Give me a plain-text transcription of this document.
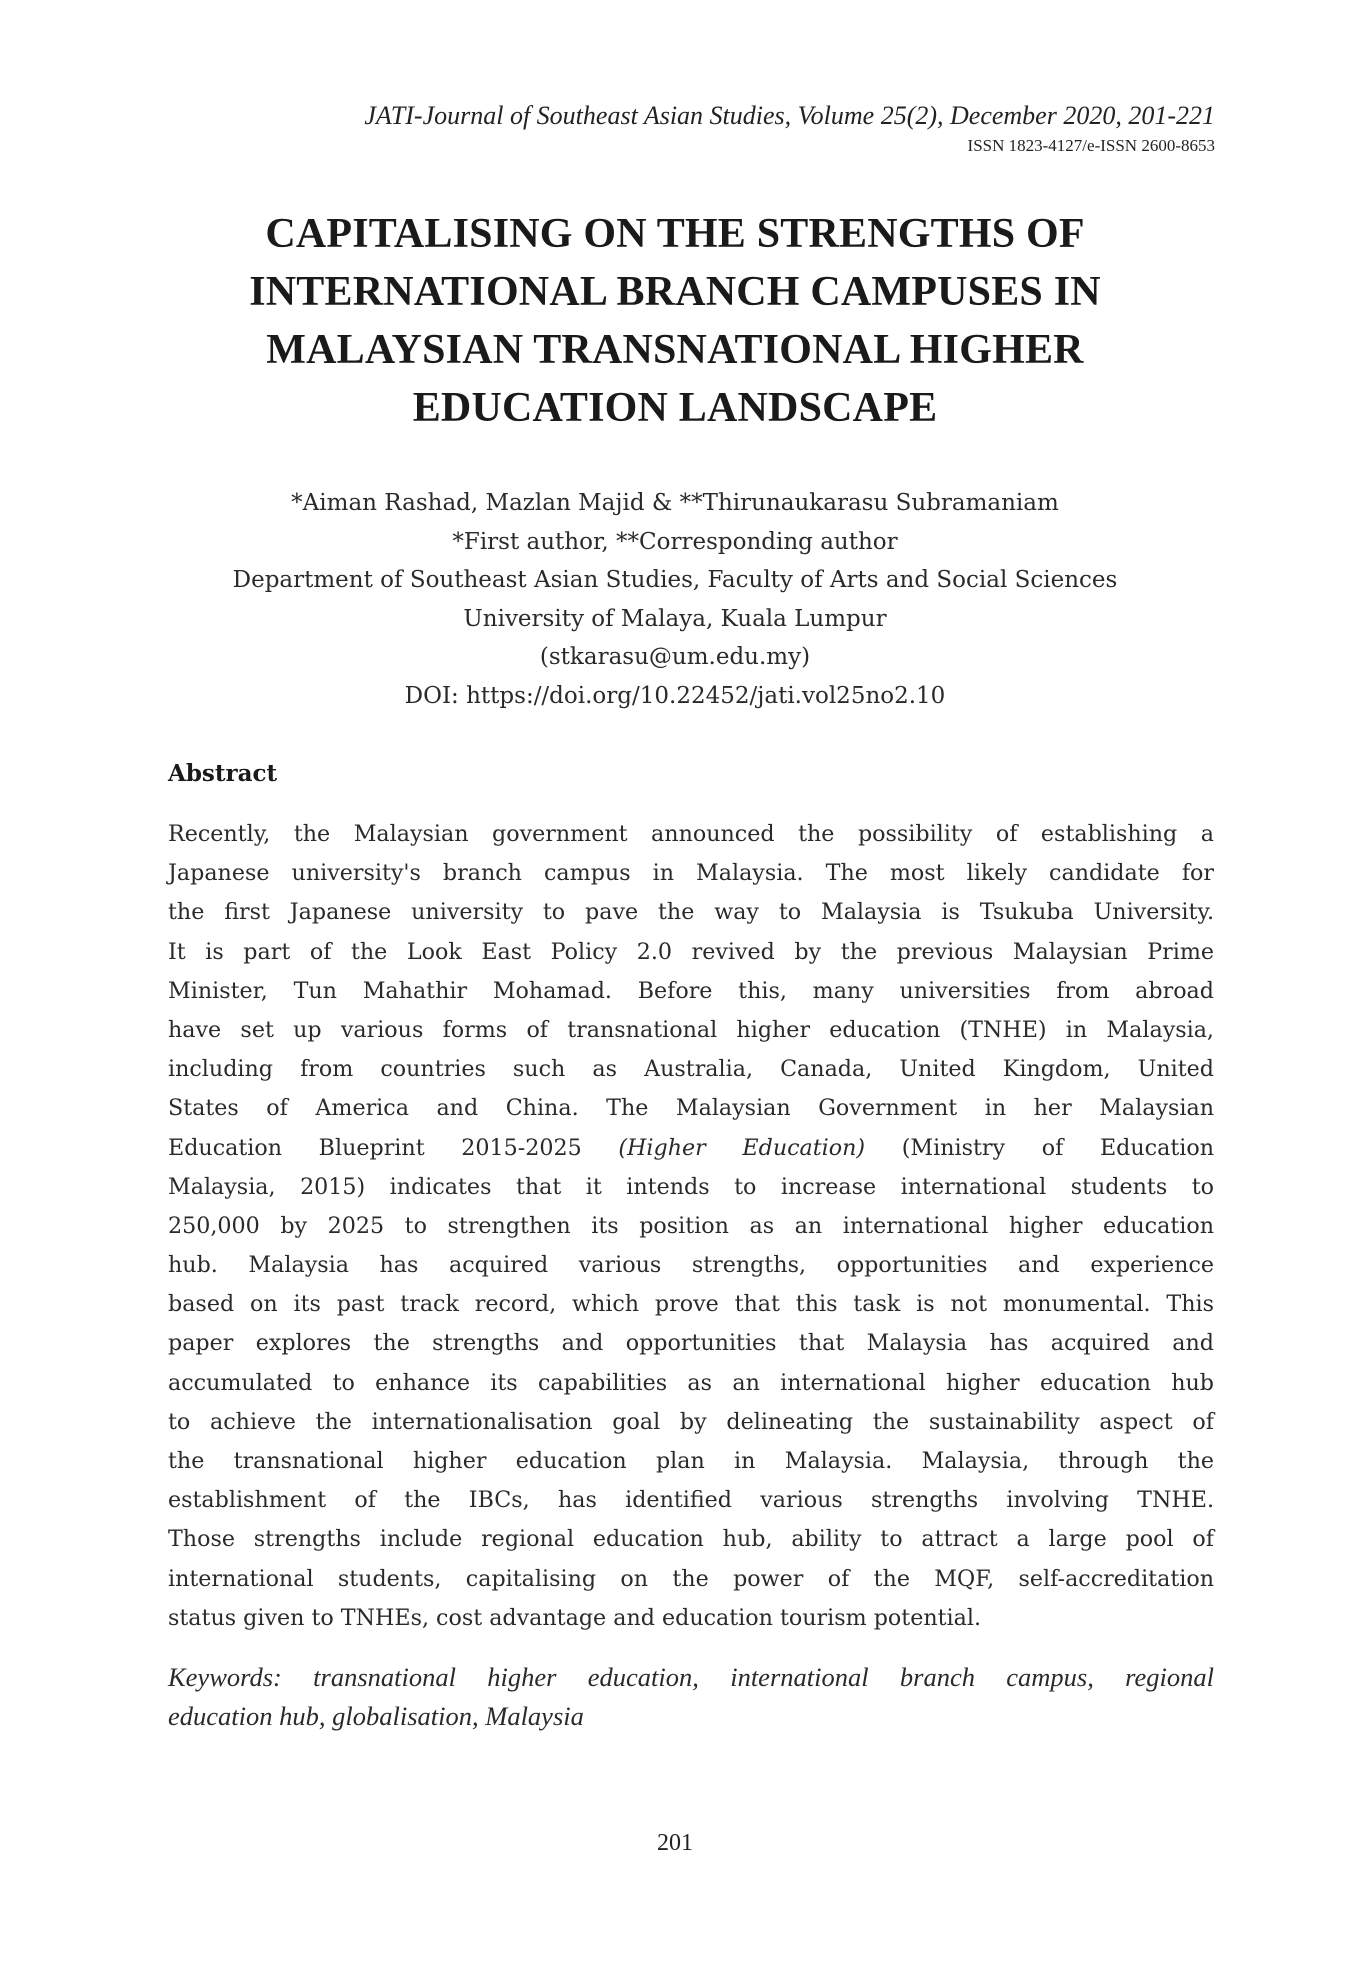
JATI-Journal of Southeast Asian Studies, Volume 25(2), December 2020, 201-221
ISSN 1823-4127/e-ISSN 2600-8653
CAPITALISING ON THE STRENGTHS OF
INTERNATIONAL BRANCH CAMPUSES IN
MALAYSIAN TRANSNATIONAL HIGHER
EDUCATION LANDSCAPE
*Aiman Rashad, Mazlan Majid & **Thirunaukarasu Subramaniam
*First author, **Corresponding author
Department of Southeast Asian Studies, Faculty of Arts and Social Sciences
University of Malaya, Kuala Lumpur
(stkarasu@um.edu.my)
DOI: https://doi.org/10.22452/jati.vol25no2.10
Abstract
Recently, the Malaysian government announced the possibility of establishing a
Japanese university's branch campus in Malaysia. The most likely candidate for
the first Japanese university to pave the way to Malaysia is Tsukuba University.
It is part of the Look East Policy 2.0 revived by the previous Malaysian Prime
Minister, Tun Mahathir Mohamad. Before this, many universities from abroad
have set up various forms of transnational higher education (TNHE) in Malaysia,
including from countries such as Australia, Canada, United Kingdom, United
States of America and China. The Malaysian Government in her Malaysian
Education Blueprint 2015-2025 (Higher Education) (Ministry of Education
Malaysia, 2015) indicates that it intends to increase international students to
250,000 by 2025 to strengthen its position as an international higher education
hub. Malaysia has acquired various strengths, opportunities and experience
based on its past track record, which prove that this task is not monumental. This
paper explores the strengths and opportunities that Malaysia has acquired and
accumulated to enhance its capabilities as an international higher education hub
to achieve the internationalisation goal by delineating the sustainability aspect of
the transnational higher education plan in Malaysia. Malaysia, through the
establishment of the IBCs, has identified various strengths involving TNHE.
Those strengths include regional education hub, ability to attract a large pool of
international students, capitalising on the power of the MQF, self-accreditation
status given to TNHEs, cost advantage and education tourism potential.
Keywords: transnational higher education, international branch campus, regional
education hub, globalisation, Malaysia
201
